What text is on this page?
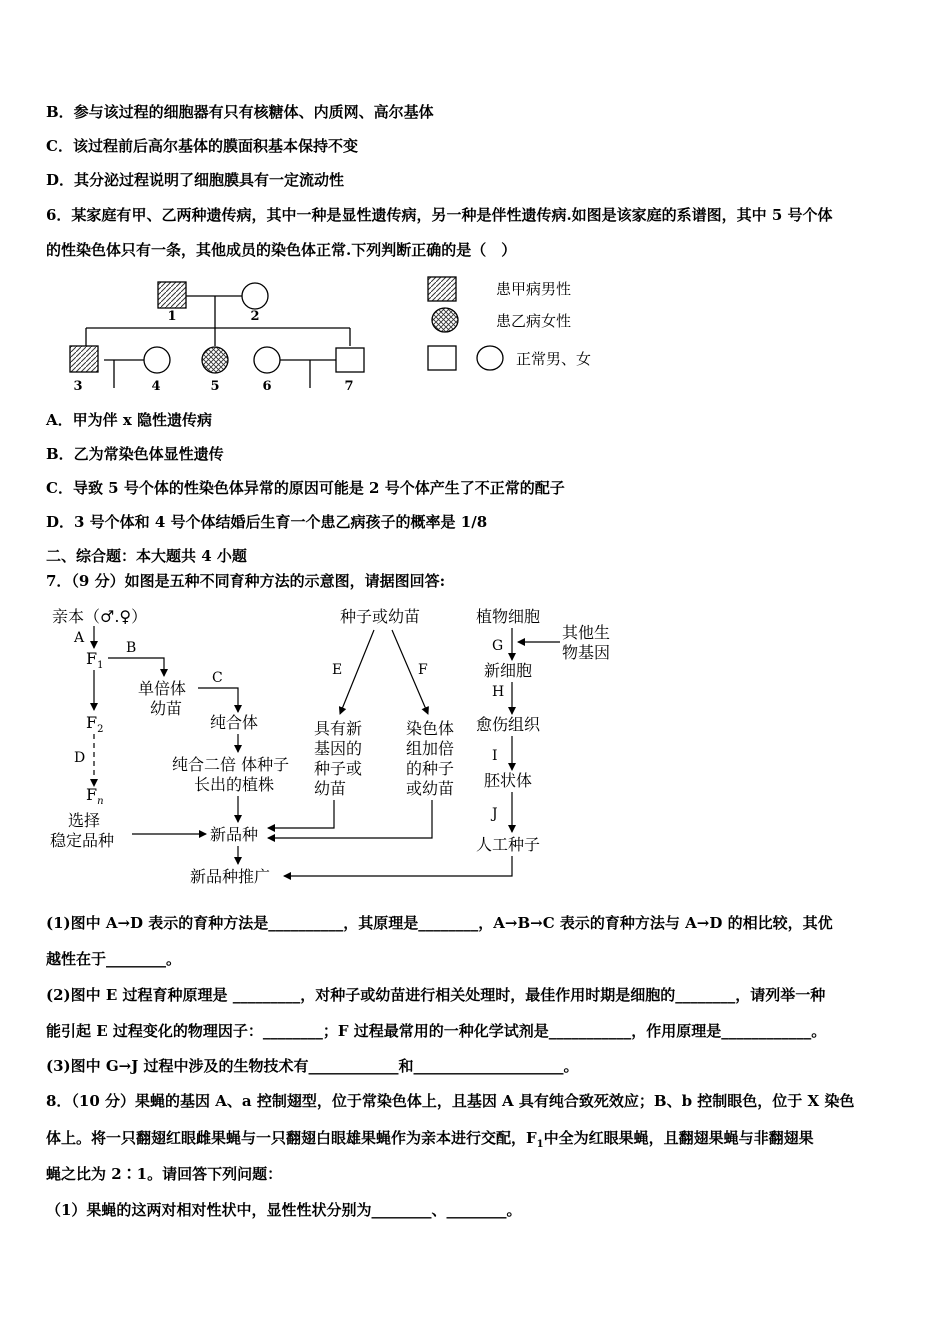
B．参与该过程的细胞器有只有核糖体、内质网、高尔基体
C．该过程前后高尔基体的膜面积基本保持不变
D．其分泌过程说明了细胞膜具有一定流动性
6．某家庭有甲、乙两种遗传病，其中一种是显性遗传病，另一种是伴性遗传病.如图是该家庭的系谱图，其中 5 号个体
的性染色体只有一条，其他成员的染色体正常.下列判断正确的是（　）
1	2
3	4	5	6	7
患甲病男性
患乙病女性
正常男、女
A．甲为伴 x 隐性遗传病
B．乙为常染色体显性遗传
C．导致 5 号个体的性染色体异常的原因可能是 2 号个体产生了不正常的配子
D．3 号个体和 4 号个体结婚后生育一个患乙病孩子的概率是 1/8
二、综合题：本大题共 4 小题
7．（9 分）如图是五种不同育种方法的示意图，请据图回答:
亲本（♂.♀）
A
$F_1$
B
$F_2$
D
$F_n$
选择
稳定品种
单倍体
幼苗
C
纯合体
纯合二倍 体种子
长出的植株
新品种
新品种推广
种子或幼苗
E	F
具有新
基因的
种子或
幼苗
染色体
组加倍
的种子
或幼苗
植物细胞
G
其他生
物基因
新细胞
H
愈伤组织
I
胚状体
J
人工种子
(1)图中 A→D 表示的育种方法是__________，其原理是________，A→B→C 表示的育种方法与 A→D 的相比较，其优
越性在于________。
(2)图中 E 过程育种原理是 _________，对种子或幼苗进行相关处理时，最佳作用时期是细胞的________，请列举一种
能引起 E 过程变化的物理因子：________；F 过程最常用的一种化学试剂是___________，作用原理是____________。
(3)图中 G→J 过程中涉及的生物技术有____________和____________________。
8．（10 分）果蝇的基因 A、a 控制翅型，位于常染色体上，且基因 A 具有纯合致死效应；B、b 控制眼色，位于 X 染色
体上。将一只翻翅红眼雌果蝇与一只翻翅白眼雄果蝇作为亲本进行交配，$F_1$中全为红眼果蝇，且翻翅果蝇与非翻翅果
蝇之比为 2∶1。请回答下列问题：
（1）果蝇的这两对相对性状中，显性性状分别为________、________。
